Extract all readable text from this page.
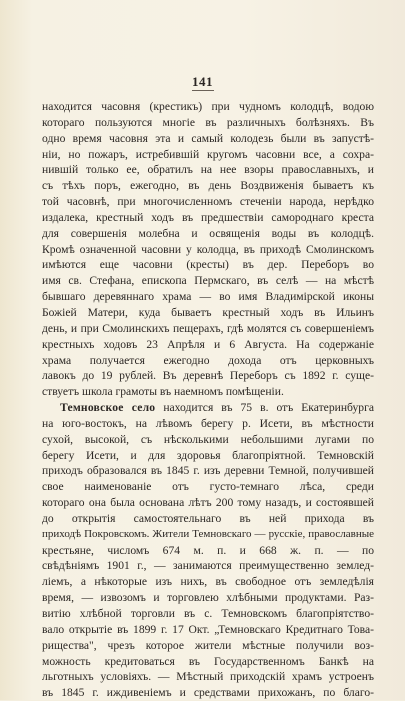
141
находится часовня (крестикъ) при чудномъ колодцѣ, водою
котораго пользуются многіе въ различныхъ болѣзняхъ. Въ
одно время часовня эта и самый колодезь были въ запустѣ-
ніи, но пожаръ, истребившій кругомъ часовни все, а сохра-
нившій только ее, обратилъ на нее взоры православныхъ, и
съ тѣхъ поръ, ежегодно, въ день Воздвиженія бываетъ къ
той часовнѣ, при многочисленномъ стеченіи народа, нерѣдко
издалека, крестный ходъ въ предшествіи самороднаго креста
для совершенія молебна и освященія воды въ колодцѣ.
Кромѣ означенной часовни у колодца, въ приходѣ Смолинскомъ
имѣются еще часовни (кресты) въ дер. Переборъ во
имя св. Стефана, епископа Пермскаго, въ селѣ — на мѣстѣ
бывшаго деревяннаго храма — во имя Владимірской иконы
Божіей Матери, куда бываетъ крестный ходъ въ Ильинъ
день, и при Смолинскихъ пещерахъ, гдѣ молятся съ совершеніемъ
крестныхъ ходовъ 23 Апрѣля и 6 Августа. На содержаніе
храма получается ежегодно дохода отъ церковныхъ
лавокъ до 19 рублей. Въ деревнѣ Переборъ съ 1892 г. суще-
ствуетъ школа грамоты въ наемномъ помѣщеніи.
Темновское село находится въ 75 в. отъ Екатеринбурга
на юго-востокъ, на лѣвомъ берегу р. Исети, въ мѣстности
сухой, высокой, съ нѣсколькими небольшими лугами по
берегу Исети, и для здоровья благопріятной. Темновскій
приходъ образовался въ 1845 г. изъ деревни Темной, получившей
свое наименованіе отъ густо-темнаго лѣса, среди
котораго она была основана лѣтъ 200 тому назадъ, и состоявшей
до открытія самостоятельнаго въ ней прихода въ
приходѣ Покровскомъ. Жители Темновскаго — русскіе, православные
крестьяне, числомъ 674 м. п. и 668 ж. п. — по
свѣдѣніямъ 1901 г., — занимаются преимущественно землед-
ліемъ, а нѣкоторые изъ нихъ, въ свободное отъ земледѣлія
время, — извозомъ и торговлею хлѣбными продуктами. Раз-
витію хлѣбной торговли въ с. Темновскомъ благопріятство-
вало открытіе въ 1899 г. 17 Окт. „Темновскаго Кредитнаго Това-
рищества", чрезъ которое жители мѣстные получили воз-
можность кредитоваться въ Государственномъ Банкѣ на
льготныхъ условіяхъ. — Мѣстный приходскій храмъ устроенъ
въ 1845 г. иждивеніемъ и средствами прихожанъ, по благо-
